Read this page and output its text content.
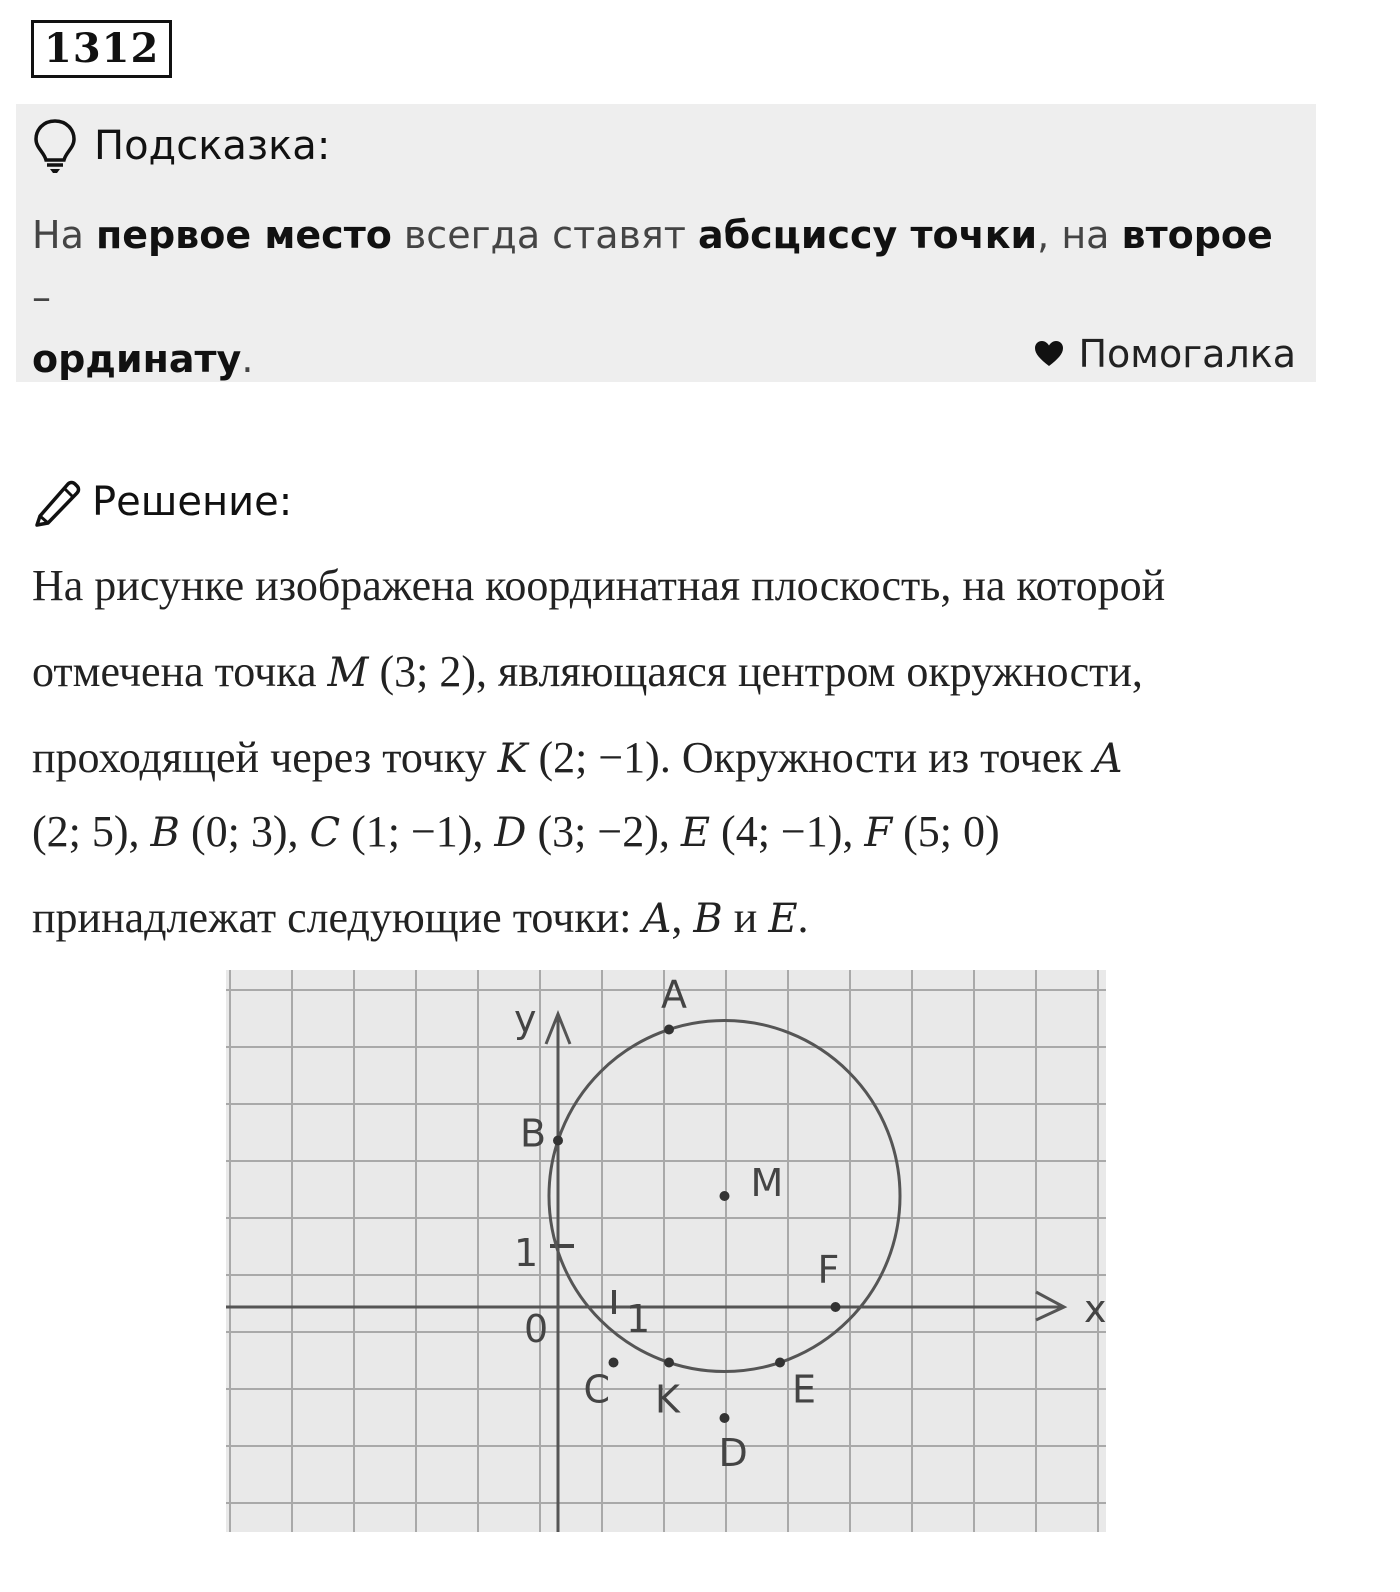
1312
Подсказка:
На первое место всегда ставят абсциссу точки, на второе –
ординату.	Помогалка
Решение:
На рисунке изображена координатная плоскость, на которой
отмечена точка M (3; 2), являющаяся центром окружности,
проходящей через точку K (2; −1). Окружности из точек A
(2; 5), B (0; 3), C (1; −1), D (3; −2), E (4; −1), F (5; 0)
принадлежат следующие точки: A, B и E.
x
y
0 1
1
A
B
M
F
C K	E
D
